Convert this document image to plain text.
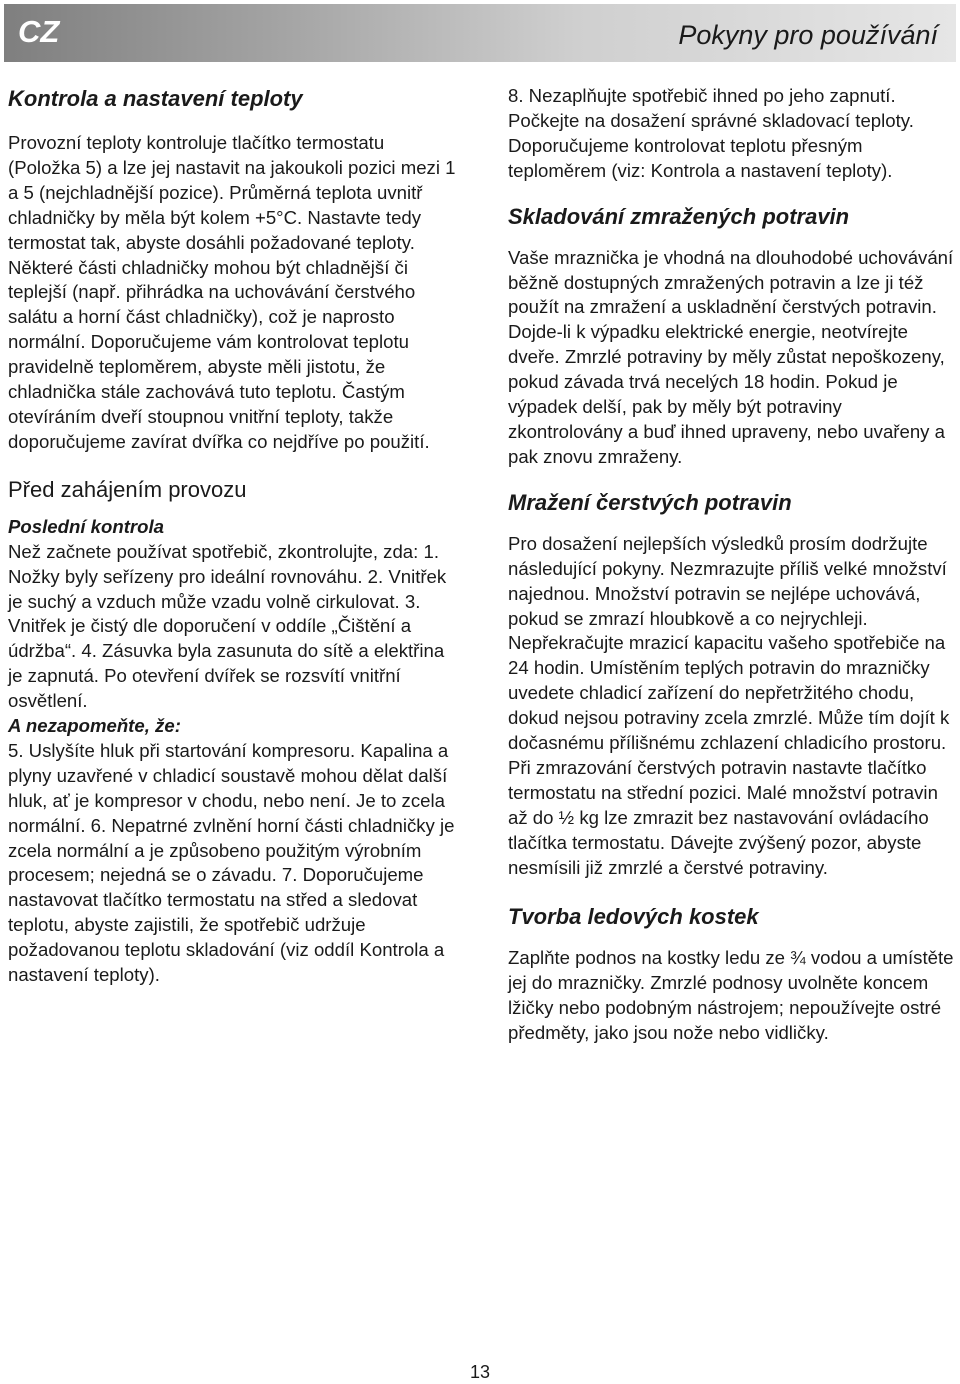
CZ	Pokyny pro používání

Kontrola a nastavení teploty

Provozní teploty kontroluje tlačítko termostatu (Položka 5) a lze jej nastavit na jakoukoli pozici mezi 1 a 5 (nejchladnější pozice). Průměrná teplota uvnitř chladničky by měla být kolem +5°C. Nastavte tedy termostat tak, abyste dosáhli požadované teploty. Některé části chladničky mohou být chladnější či teplejší (např. přihrádka na uchovávání čerstvého salátu a horní část chladničky), což je naprosto normální. Doporučujeme vám kontrolovat teplotu pravidelně teploměrem, abyste měli jistotu, že chladnička stále zachovává tuto teplotu. Častým otevíráním dveří stoupnou vnitřní teploty, takže doporučujeme zavírat dvířka co nejdříve po použití.

Před zahájením provozu

Poslední kontrola

Než začnete používat spotřebič, zkontrolujte, zda: 1. Nožky byly seřízeny pro ideální rovnováhu. 2. Vnitřek je suchý a vzduch může vzadu volně cirkulovat. 3. Vnitřek je čistý dle doporučení v oddíle „Čištění a údržba“. 4. Zásuvka byla zasunuta do sítě a elektřina je zapnutá. Po otevření dvířek se rozsvítí vnitřní osvětlení.

A nezapomeňte, že:

5. Uslyšíte hluk při startování kompresoru. Kapalina a plyny uzavřené v chladicí soustavě mohou dělat další hluk, ať je kompresor v chodu, nebo není. Je to zcela normální. 6. Nepatrné zvlnění horní části chladničky je zcela normální a je způsobeno použitým výrobním procesem; nejedná se o závadu. 7. Doporučujeme nastavovat tlačítko termostatu na střed a sledovat teplotu, abyste zajistili, že spotřebič udržuje požadovanou teplotu skladování (viz oddíl Kontrola a nastavení teploty).

8. Nezaplňujte spotřebič ihned po jeho zapnutí. Počkejte na dosažení správné skladovací teploty. Doporučujeme kontrolovat teplotu přesným teploměrem (viz: Kontrola a nastavení teploty).

Skladování zmražených potravin

Vaše mraznička je vhodná na dlouhodobé uchovávání běžně dostupných zmražených potravin a lze ji též použít na zmražení a uskladnění čerstvých potravin. Dojde-li k výpadku elektrické energie, neotvírejte dveře. Zmrzlé potraviny by měly zůstat nepoškozeny, pokud závada trvá necelých 18 hodin. Pokud je výpadek delší, pak by měly být potraviny zkontrolovány a buď ihned upraveny, nebo uvařeny a pak znovu zmraženy.

Mražení čerstvých potravin

Pro dosažení nejlepších výsledků prosím dodržujte následující pokyny. Nezmrazujte příliš velké množství najednou. Množství potravin se nejlépe uchovává, pokud se zmrazí hloubkově a co nejrychleji. Nepřekračujte mrazicí kapacitu vašeho spotřebiče na 24 hodin. Umístěním teplých potravin do mrazničky uvedete chladicí zařízení do nepřetržitého chodu, dokud nejsou potraviny zcela zmrzlé. Může tím dojít k dočasnému přílišnému zchlazení chladicího prostoru. Při zmrazování čerstvých potravin nastavte tlačítko termostatu na střední pozici. Malé množství potravin až do ½ kg lze zmrazit bez nastavování ovládacího tlačítka termostatu. Dávejte zvýšený pozor, abyste nesmísili již zmrzlé a čerstvé potraviny.

Tvorba ledových kostek

Zaplňte podnos na kostky ledu ze ¾ vodou a umístěte jej do mrazničky. Zmrzlé podnosy uvolněte koncem lžičky nebo podobným nástrojem; nepoužívejte ostré předměty, jako jsou nože nebo vidličky.

13
